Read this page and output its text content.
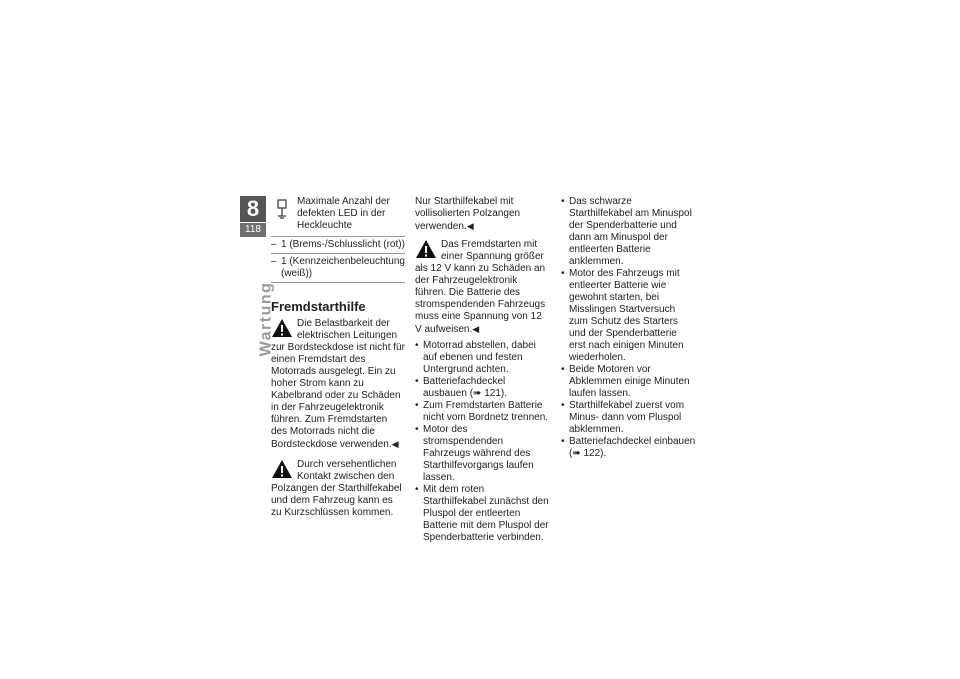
8
118
Wartung
Maximale Anzahl der defekten LED in der Heckleuchte
– 1 (Brems-/Schlusslicht (rot))
– 1 (Kennzeichenbeleuchtung (weiß))
Fremdstarthilfe

Die Belastbarkeit der elektrischen Leitungen zur Bordsteckdose ist nicht für einen Fremdstart des Motorrads ausgelegt. Ein zu hoher Strom kann zu Kabelbrand oder zu Schäden in der Fahrzeugelektronik führen. Zum Fremdstarten des Motorrads nicht die Bordsteckdose verwenden.◀

Durch versehentlichen Kontakt zwischen den Polzangen der Starthilfekabel und dem Fahrzeug kann es zu Kurzschlüssen kommen.

Nur Starthilfekabel mit vollisolierten Polzangen verwenden.◀

Das Fremdstarten mit einer Spannung größer als 12 V kann zu Schäden an der Fahrzeugelektronik führen. Die Batterie des stromspendenden Fahrzeugs muss eine Spannung von 12 V aufweisen.◀

• Motorrad abstellen, dabei auf ebenen und festen Untergrund achten.
• Batteriefachdeckel ausbauen (➠ 121).
• Zum Fremdstarten Batterie nicht vom Bordnetz trennen.
• Motor des stromspendenden Fahrzeugs während des Starthilfevorgangs laufen lassen.
• Mit dem roten Starthilfekabel zunächst den Pluspol der entleerten Batterie mit dem Pluspol der Spenderbatterie verbinden.
• Das schwarze Starthilfekabel am Minuspol der Spenderbatterie und dann am Minuspol der entleerten Batterie anklemmen.
• Motor des Fahrzeugs mit entleerter Batterie wie gewohnt starten, bei Misslingen Startversuch zum Schutz des Starters und der Spenderbatterie erst nach einigen Minuten wiederholen.
• Beide Motoren vor Abklemmen einige Minuten laufen lassen.
• Starthilfekabel zuerst vom Minus- dann vom Pluspol abklemmen.
• Batteriefachdeckel einbauen (➠ 122).
